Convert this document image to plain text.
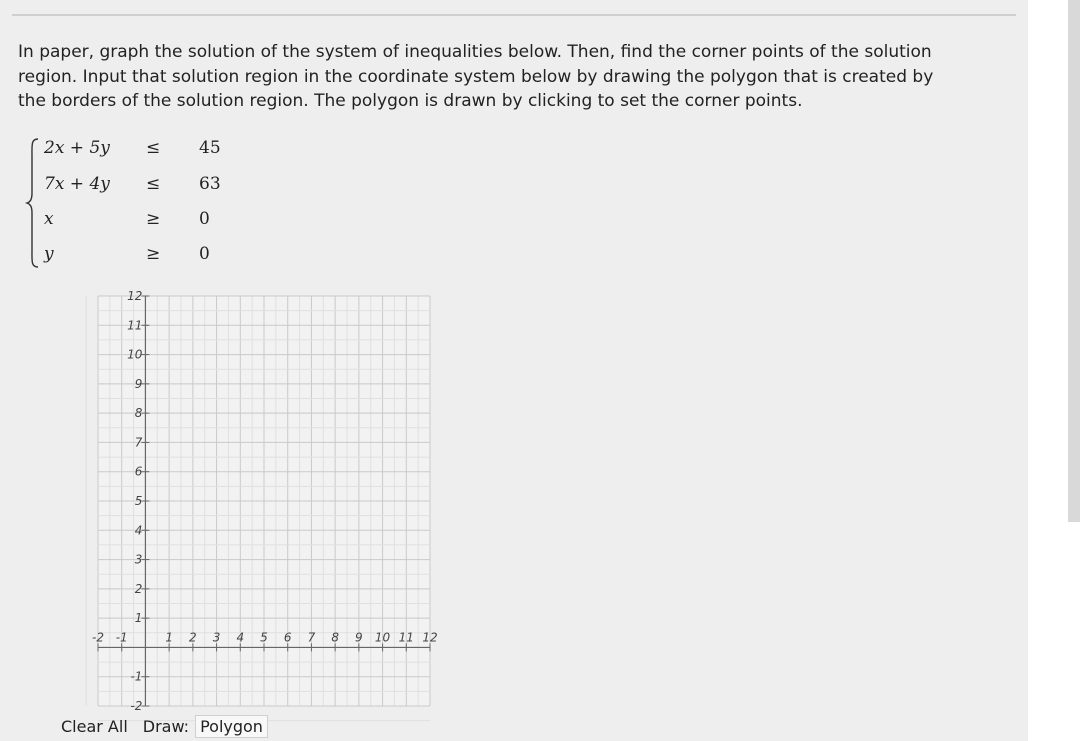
In paper, graph the solution of the system of inequalities below. Then, find the corner points of the solution
region. Input that solution region in the coordinate system below by drawing the polygon that is created by
the borders of the solution region. The polygon is drawn by clicking to set the corner points.
2x + 5y ≤ 45
7x + 4y ≤ 63
x	≥ 0
y	≥ 0
-2 -1	1 2 3 4 5 6 7 8 9 10 11 12
12
11
10
9
8
7
6
5
4
3
2
1
-1
-2
Clear All Draw: Polygon
